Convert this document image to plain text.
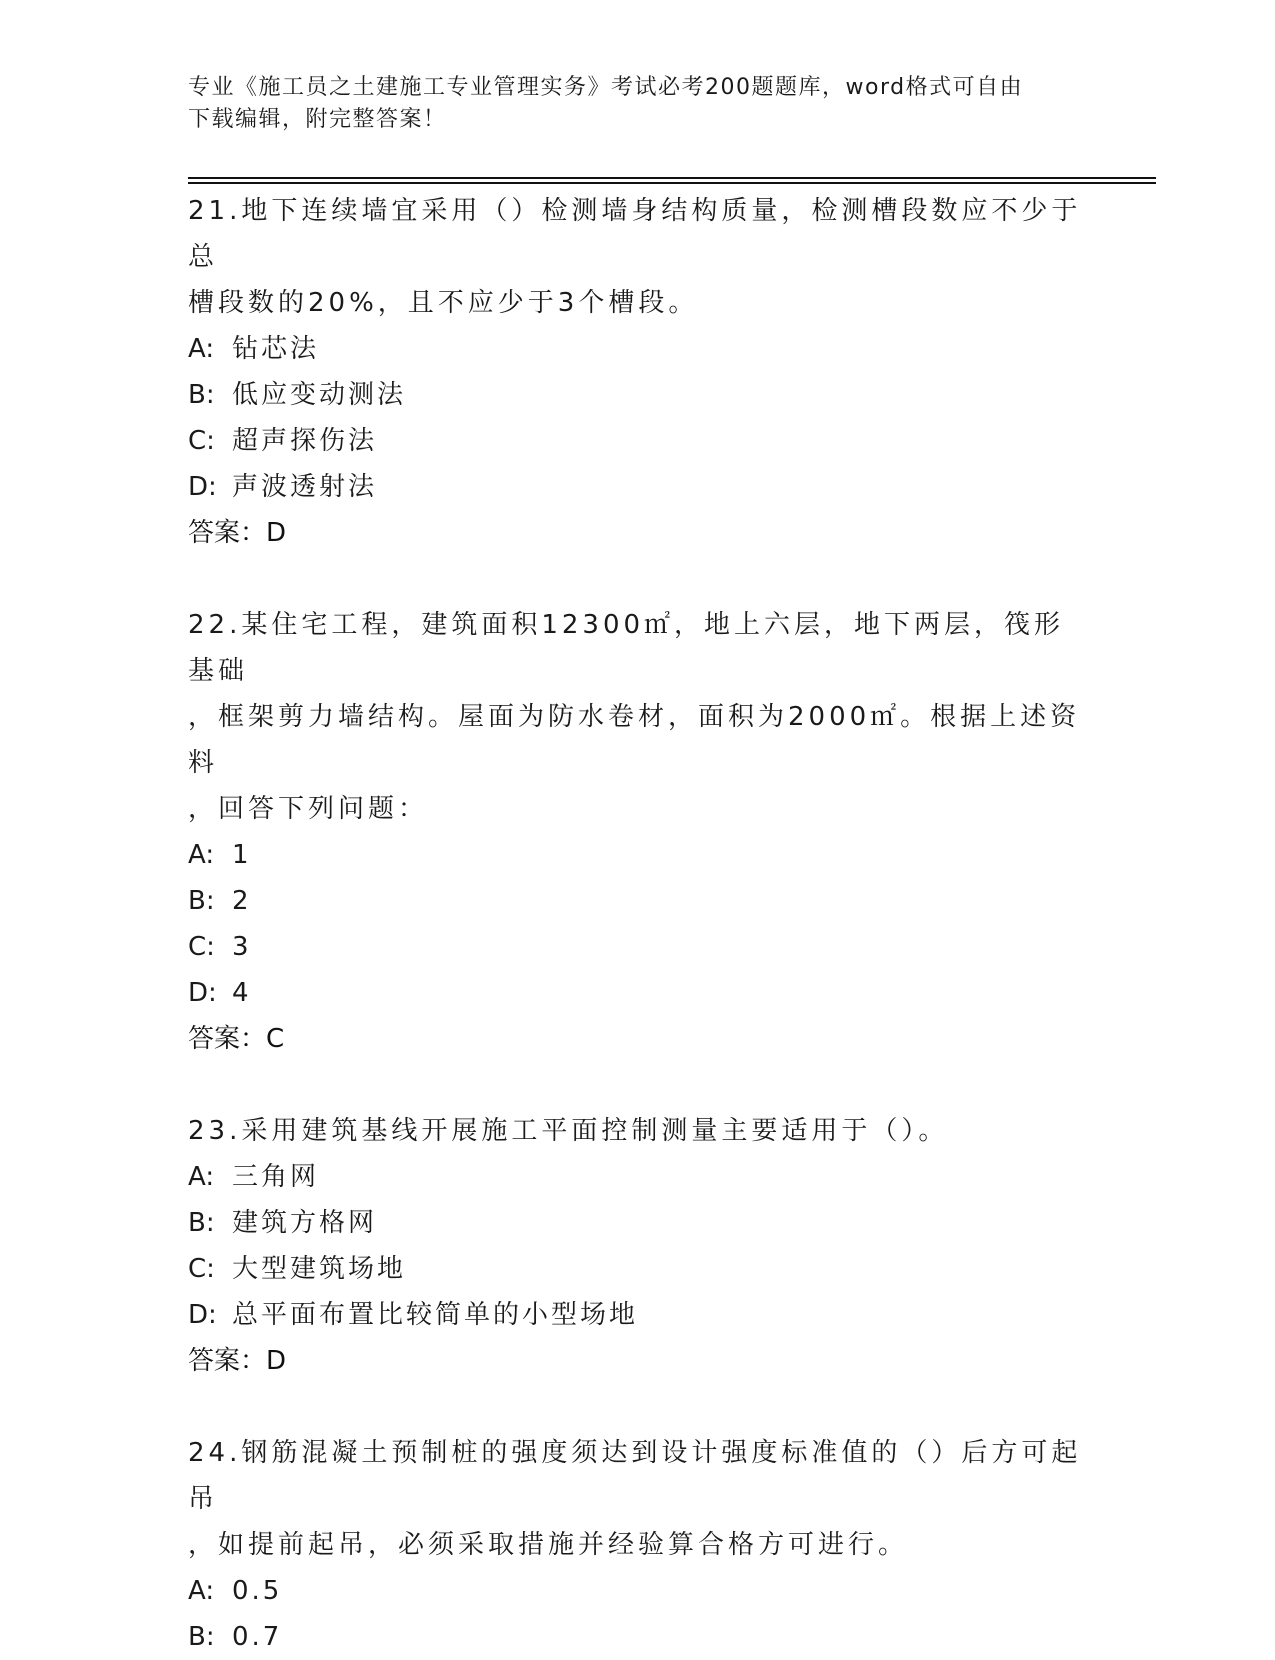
专业《施工员之土建施工专业管理实务》考试必考200题题库，word格式可自由
下载编辑，附完整答案！

21.地下连续墙宜采用（）检测墙身结构质量，检测槽段数应不少于总

槽段数的20%，且不应少于3个槽段。

A: 钻芯法

B: 低应变动测法

C: 超声探伤法

D: 声波透射法

答案：D

22.某住宅工程，建筑面积12300㎡，地上六层，地下两层，筏形基础

，框架剪力墙结构。屋面为防水卷材，面积为2000㎡。根据上述资料

，回答下列问题：

A: 1

B: 2

C: 3

D: 4

答案：C

23.采用建筑基线开展施工平面控制测量主要适用于（）。

A: 三角网

B: 建筑方格网

C: 大型建筑场地

D: 总平面布置比较简单的小型场地

答案：D

24.钢筋混凝土预制桩的强度须达到设计强度标准值的（）后方可起吊

，如提前起吊，必须采取措施并经验算合格方可进行。

A: 0.5

B: 0.7
